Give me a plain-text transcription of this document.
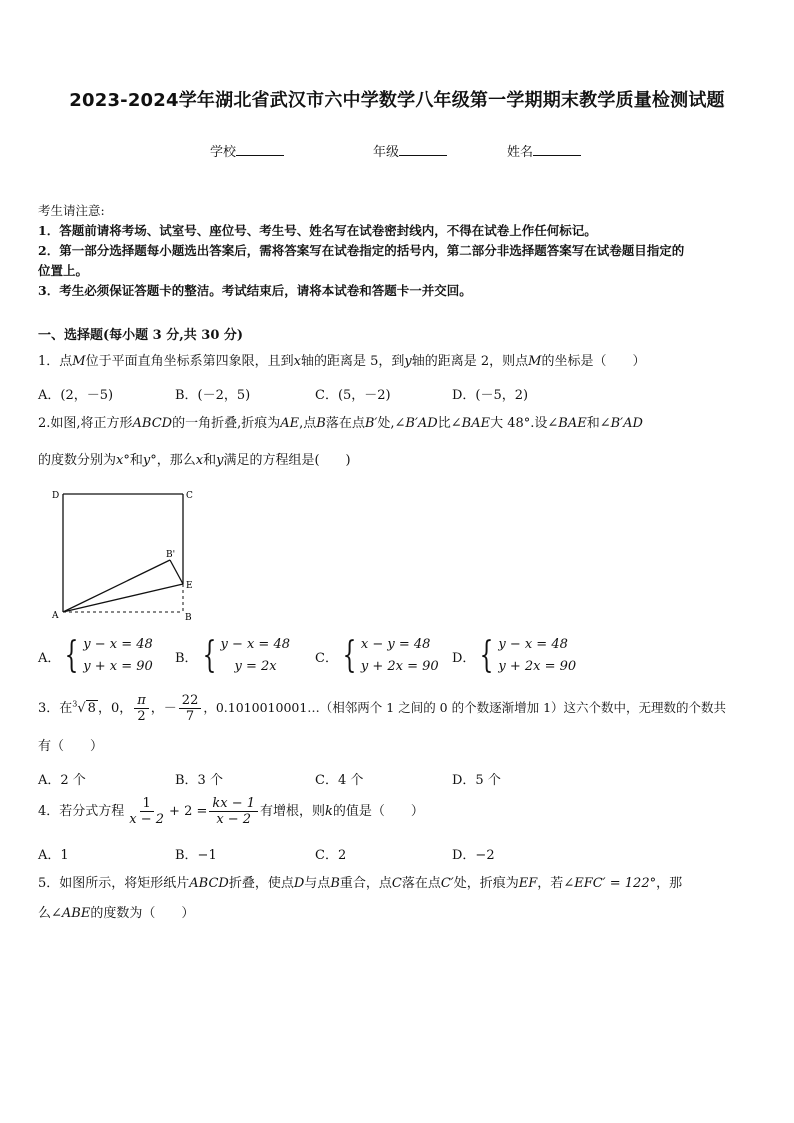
2023-2024学年湖北省武汉市六中学数学八年级第一学期期末教学质量检测试题
学校	年级	姓名
考生请注意:
1．答题前请将考场、试室号、座位号、考生号、姓名写在试卷密封线内，不得在试卷上作任何标记。
2．第一部分选择题每小题选出答案后，需将答案写在试卷指定的括号内，第二部分非选择题答案写在试卷题目指定的
位置上。
3．考生必须保证答题卡的整洁。考试结束后，请将本试卷和答题卡一并交回。
一、选择题(每小题 3 分,共 30 分)
1．点M位于平面直角坐标系第四象限，且到x轴的距离是 5，到y轴的距离是 2，则点M的坐标是（　　）
A．(2，－5)	B．(－2，5)	C．(5，－2)	D．(－5，2)
2.如图,将正方形ABCD的一角折叠,折痕为AE,点B落在点B′处,∠B′AD比∠BAE大 48°.设∠BAE和∠B′AD
的度数分别为x°和y°，那么x和y满足的方程组是(　　)
D	C
B'
E
A	B
A． { y − x = 48
y + x = 90
B． { y − x = 48
y = 2x
C． { x − y = 48
y + 2x = 90
D． { y − x = 48
y + 2x = 90
3．在$^3$√ 8 ，0， $\frac{\pi}{2}$ ，－ $\frac{22}{7}$ ，0.1010010001…（相邻两个 1 之间的 0 的个数逐渐增加 1）这六个数中，无理数的个数共
有（　　）
A．2 个	B．3 个	C．4 个	D．5 个
4．若分式方程 $\frac{1}{x - 2} + 2 = \frac{kx - 1}{x - 2}$ 有增根，则k的值是（　　）
A．1	B．−1	C．2	D．−2
5．如图所示，将矩形纸片ABCD折叠，使点D与点B重合，点C落在点C′处，折痕为EF，若∠EFC′ = 122°，那
么∠ABE的度数为（　　）
